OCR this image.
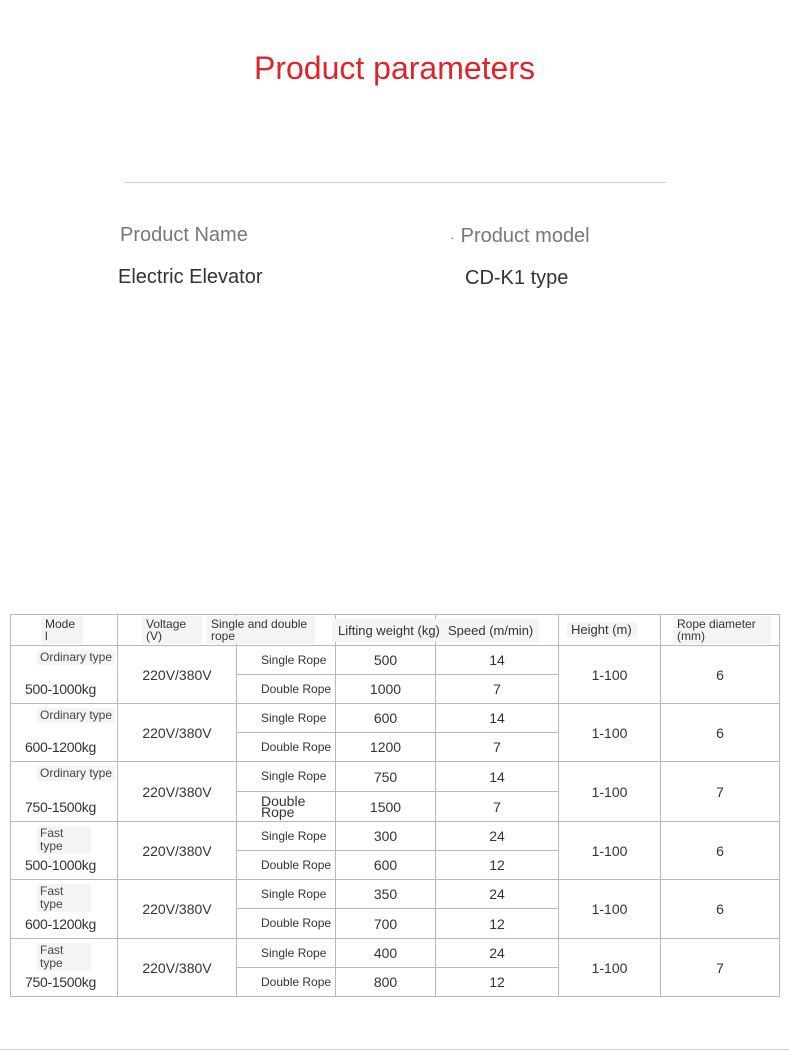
Product parameters
Product Name
Electric Elevator
· Product model
CD-K1 type
Mode l	Voltage (V)	Single and double rope	Lifting weight (kg)	Speed (m/min)	Height (m)	Rope diameter (mm)
Ordinary type
500-1000kg	220V/380V	Single Rope	500	14	1-100	6
		Double Rope	1000	7		
Ordinary type
600-1200kg	220V/380V	Single Rope	600	14	1-100	6
		Double Rope	1200	7		
Ordinary type
750-1500kg	220V/380V	Single Rope	750	14	1-100	7
		Double Rope	1500	7		
Fast type
500-1000kg	220V/380V	Single Rope	300	24	1-100	6
		Double Rope	600	12		
Fast type
600-1200kg	220V/380V	Single Rope	350	24	1-100	6
		Double Rope	700	12		
Fast type
750-1500kg	220V/380V	Single Rope	400	24	1-100	7
		Double Rope	800	12		
